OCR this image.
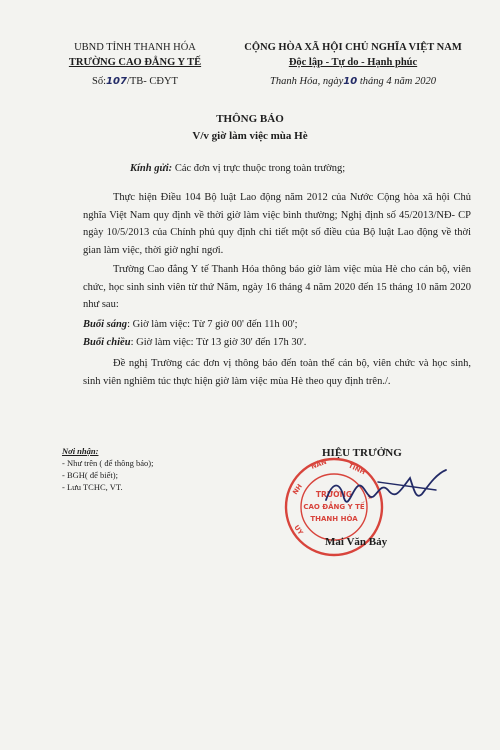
UBND TỈNH THANH HÓA
TRƯỜNG CAO ĐẲNG Y TẾ
Số:107/TB- CĐYT
CỘNG HÒA XÃ HỘI CHỦ NGHĨA VIỆT NAM
Độc lập - Tự do - Hạnh phúc
Thanh Hóa, ngày10 tháng 4 năm 2020
THÔNG BÁO
V/v giờ làm việc mùa Hè
Kính gửi: Các đơn vị trực thuộc trong toàn trường;
Thực hiện Điều 104 Bộ luật Lao động năm 2012 của Nước Cộng hòa xã hội Chủ nghĩa Việt Nam quy định về thời giờ làm việc bình thường; Nghị định số 45/2013/NĐ- CP ngày 10/5/2013 của Chính phủ quy định chi tiết một số điều của Bộ luật Lao động về thời gian làm việc, thời giờ nghỉ ngơi.
Trường Cao đẳng Y tế Thanh Hóa thông báo giờ làm việc mùa Hè cho cán bộ, viên chức, học sinh sinh viên từ thứ Năm, ngày 16 tháng 4 năm 2020 đến 15 tháng 10 năm 2020 như sau:
Buổi sáng: Giờ làm việc: Từ 7 giờ 00' đến 11h 00';
Buổi chiều: Giờ làm việc: Từ 13 giờ 30' đến 17h 30'.
Đề nghị Trường các đơn vị thông báo đến toàn thể cán bộ, viên chức và học sinh, sinh viên nghiêm túc thực hiện giờ làm việc mùa Hè theo quy định trên./.
Nơi nhận:
- Như trên ( để thông báo);
- BGH( để biết);
- Lưu TCHC, VT.
HIỆU TRƯỞNG
NH
NÂN	TỈNH
UY
★
TRƯỜNG
CAO ĐẲNG Y TẾ
THANH HÓA
Mai Văn Bảy
